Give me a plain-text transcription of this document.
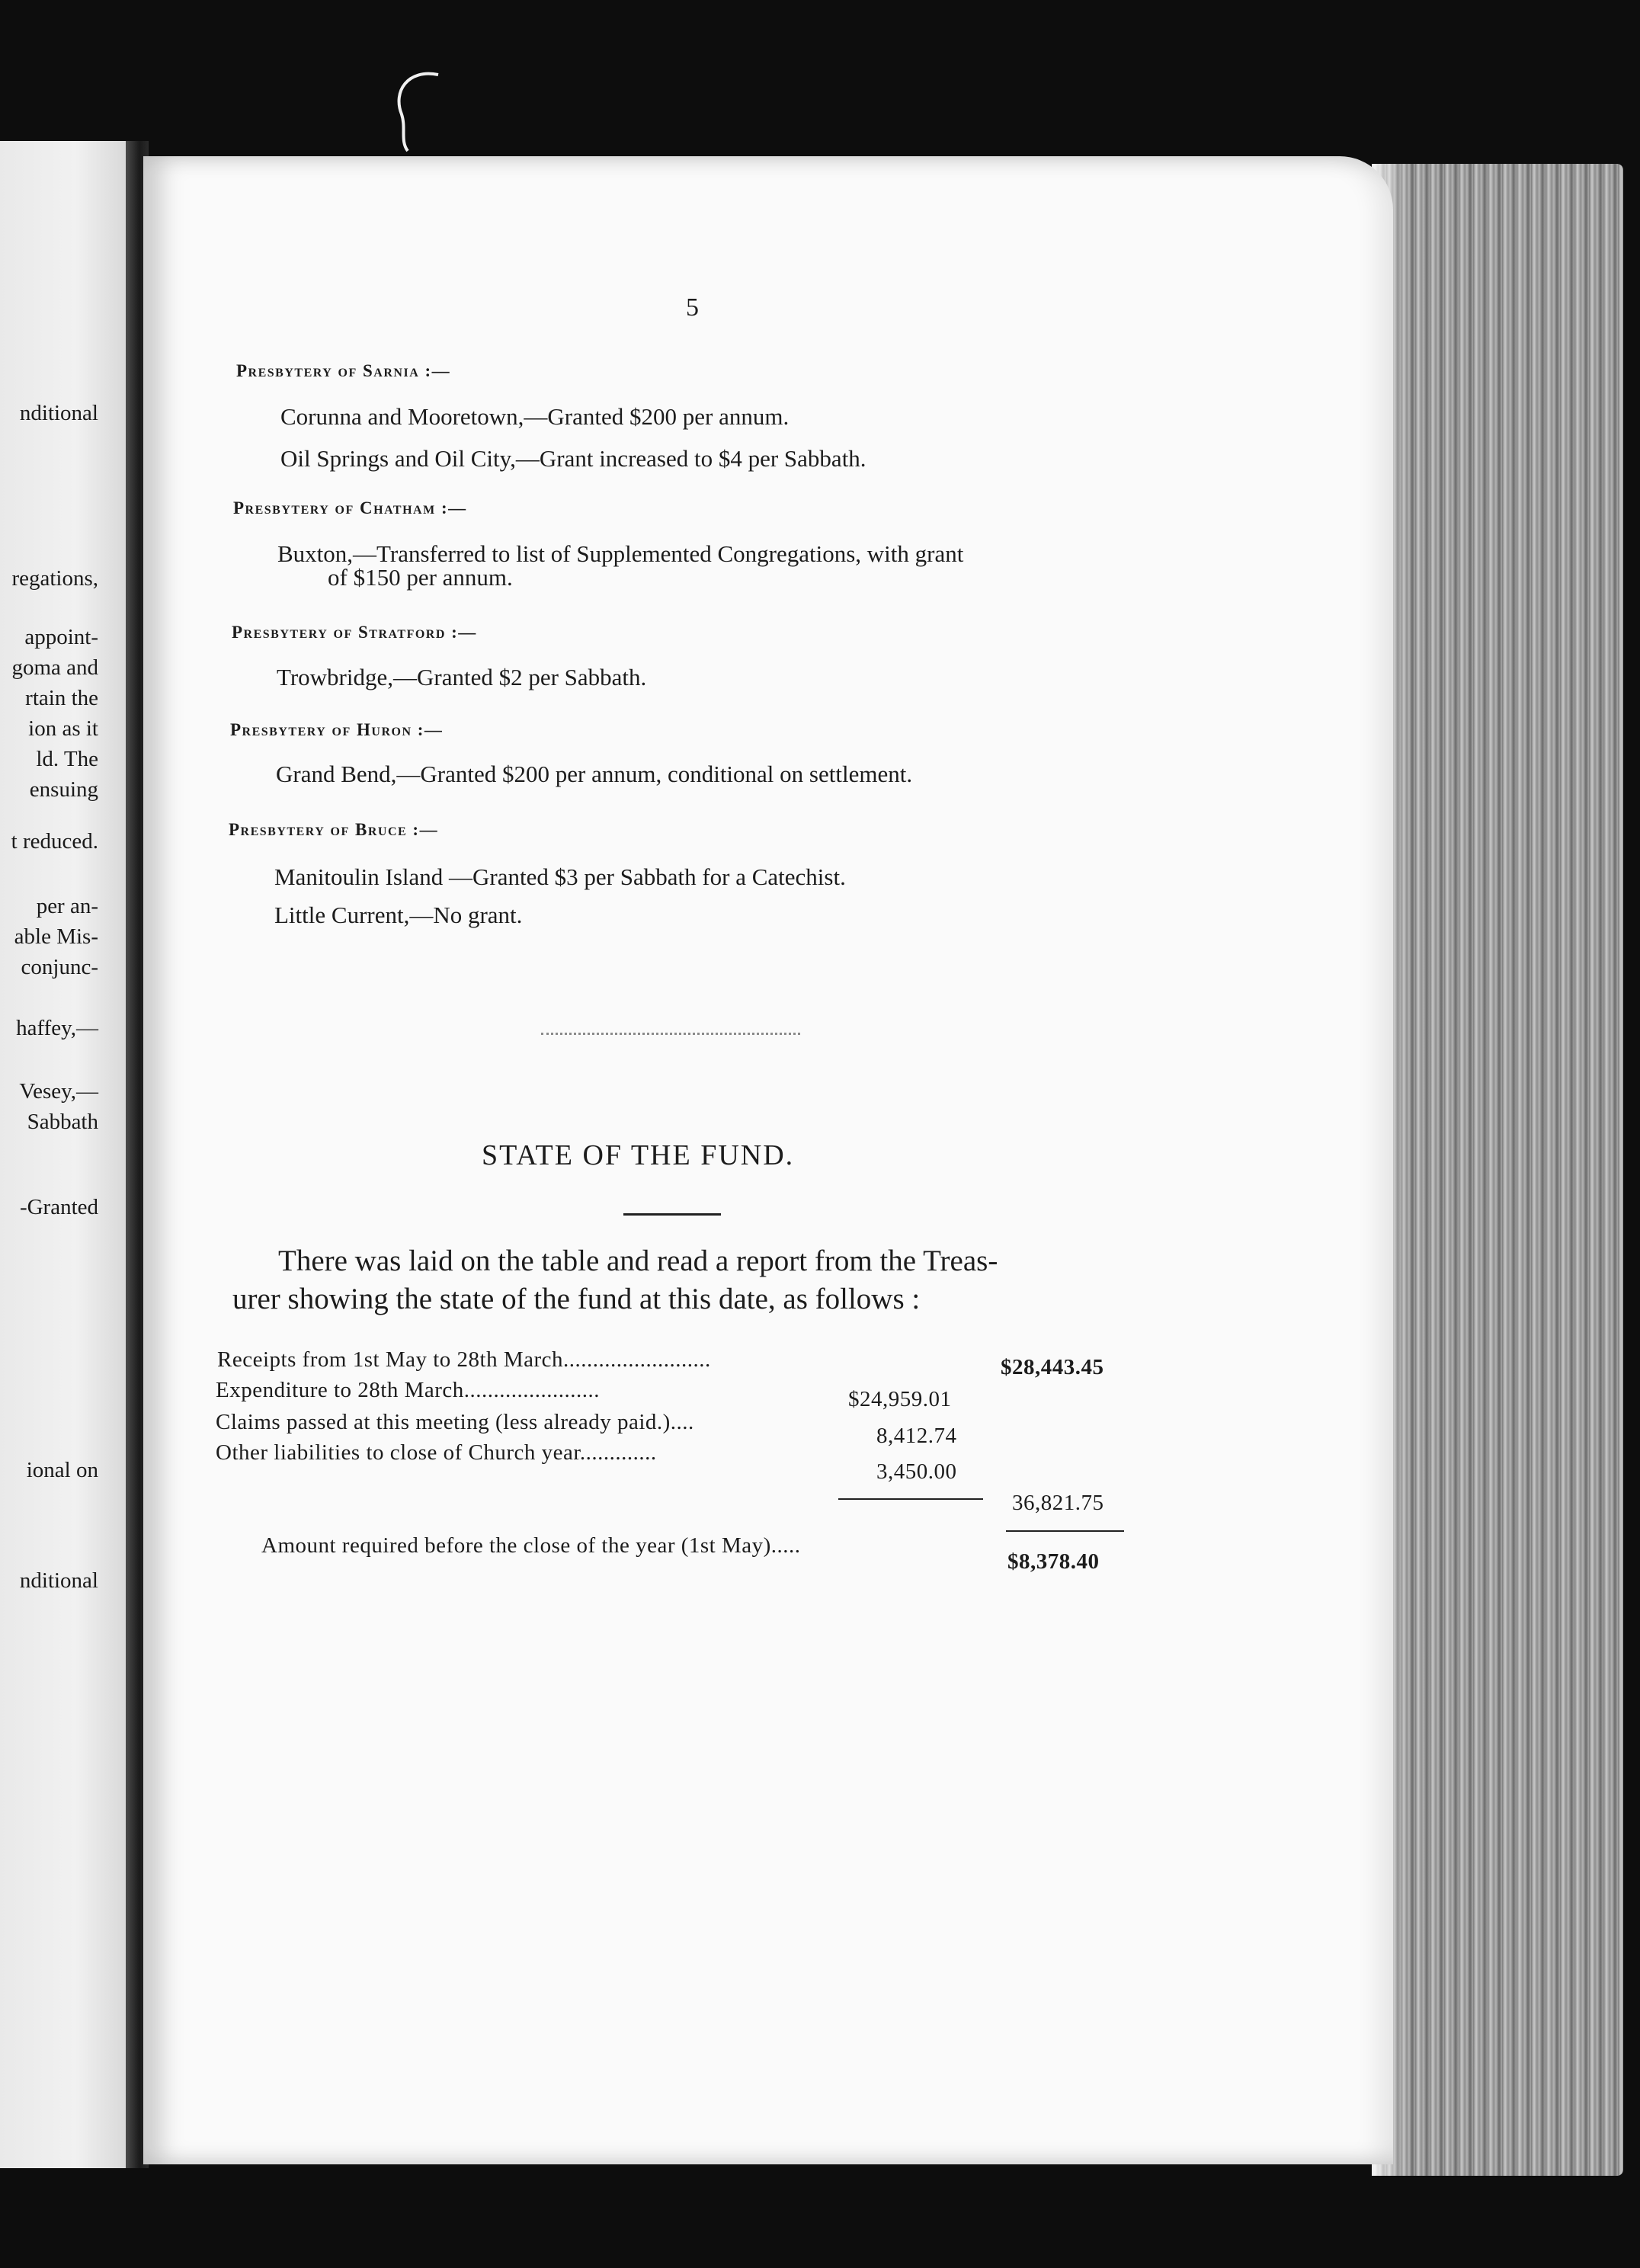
nditional
regations,
appoint-
goma and
rtain the
ion as it
ld. The
ensuing
t reduced.
per an-
able Mis-
conjunc-
haffey,—
Vesey,—
Sabbath
-Granted
ional on
nditional
5
Presbytery of Sarnia :—
Corunna and Mooretown,—Granted $200 per annum.
Oil Springs and Oil City,—Grant increased to $4 per Sabbath.
Presbytery of Chatham :—
Buxton,—Transferred to list of Supplemented Congregations, with grant
of $150 per annum.
Presbytery of Stratford :—
Trowbridge,—Granted $2 per Sabbath.
Presbytery of Huron :—
Grand Bend,—Granted $200 per annum, conditional on settlement.
Presbytery of Bruce :—
Manitoulin Island —Granted $3 per Sabbath for a Catechist.
Little Current,—No grant.
STATE OF THE FUND.
There was laid on the table and read a report from the Treas-
urer showing the state of the fund at this date, as follows :
Receipts from 1st May to 28th March.........................	$28,443.45
Expenditure to 28th March.......................	$24,959.01
Claims passed at this meeting (less already paid.)....
8,412.74
Other liabilities to close of Church year.............
3,450.00
36,821.75
Amount required before the close of the year (1st May).....
$8,378.40
